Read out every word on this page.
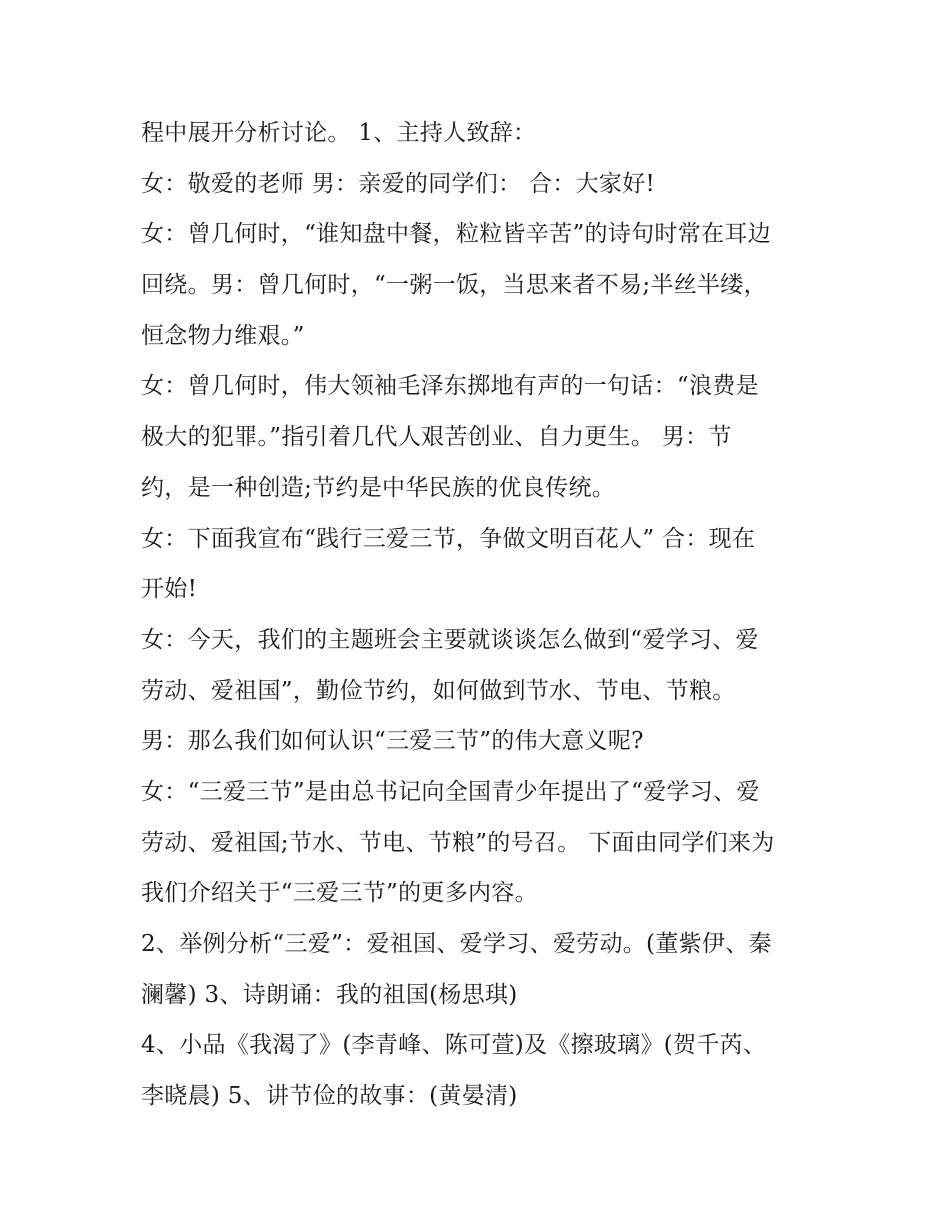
程中展开分析讨论。 1、主持人致辞：
女：敬爱的老师 男：亲爱的同学们： 合：大家好!
女：曾几何时，“谁知盘中餐，粒粒皆辛苦”的诗句时常在耳边
回绕。男：曾几何时，“一粥一饭，当思来者不易;半丝半缕，
恒念物力维艰。”
女：曾几何时，伟大领袖毛泽东掷地有声的一句话：“浪费是
极大的犯罪。”指引着几代人艰苦创业、自力更生。 男：节
约，是一种创造;节约是中华民族的优良传统。
女：下面我宣布“践行三爱三节，争做文明百花人” 合：现在
开始!
女：今天，我们的主题班会主要就谈谈怎么做到“爱学习、爱
劳动、爱祖国”，勤俭节约，如何做到节水、节电、节粮。
男：那么我们如何认识“三爱三节”的伟大意义呢?
女：“三爱三节”是由总书记向全国青少年提出了“爱学习、爱
劳动、爱祖国;节水、节电、节粮”的号召。 下面由同学们来为
我们介绍关于“三爱三节”的更多内容。
2、举例分析“三爱”：爱祖国、爱学习、爱劳动。(董紫伊、秦
澜馨) 3、诗朗诵：我的祖国(杨思琪)
4、小品《我渴了》(李青峰、陈可萱)及《擦玻璃》(贺千芮、
李晓晨) 5、讲节俭的故事：(黄晏清)
